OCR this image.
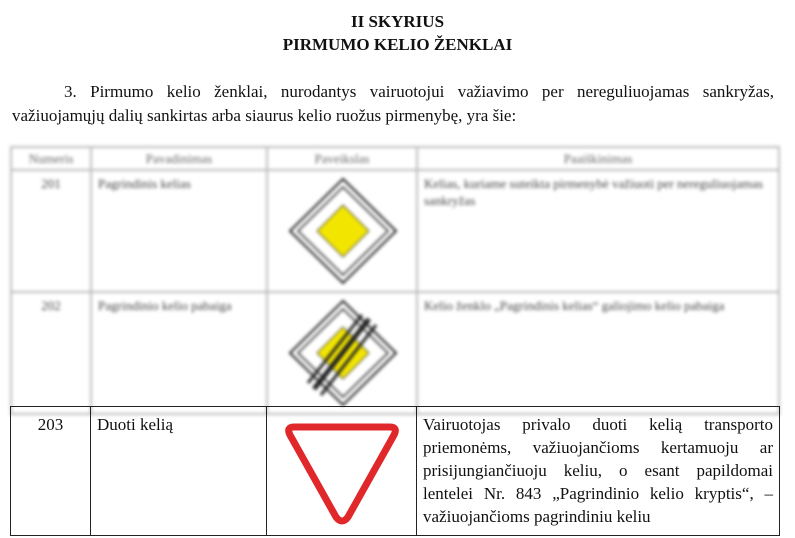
II SKYRIUS
PIRMUMO KELIO ŽENKLAI
3. Pirmumo kelio ženklai, nurodantys vairuotojui važiavimo per nereguliuojamas sankryžas, važiuojamųjų dalių sankirtas arba siaurus kelio ruožus pirmenybę, yra šie:
Numeris	Pavadinimas	Paveikslas	Paaiškinimas
201	Pagrindinis kelias		Kelias, kuriame suteikta pirmenybė važiuoti per nereguliuojamas sankryžas
202	Pagrindinio kelio pabaiga		Kelio ženklo „Pagrindinis kelias“ galiojimo kelio pabaiga
203	Duoti kelią		Vairuotojas privalo duoti kelią transporto priemonėms, važiuojančioms kertamuoju ar prisijungiančiuoju keliu, o esant papildomai lentelei Nr. 843 „Pagrindinio kelio kryptis“, – važiuojančioms pagrindiniu keliu
